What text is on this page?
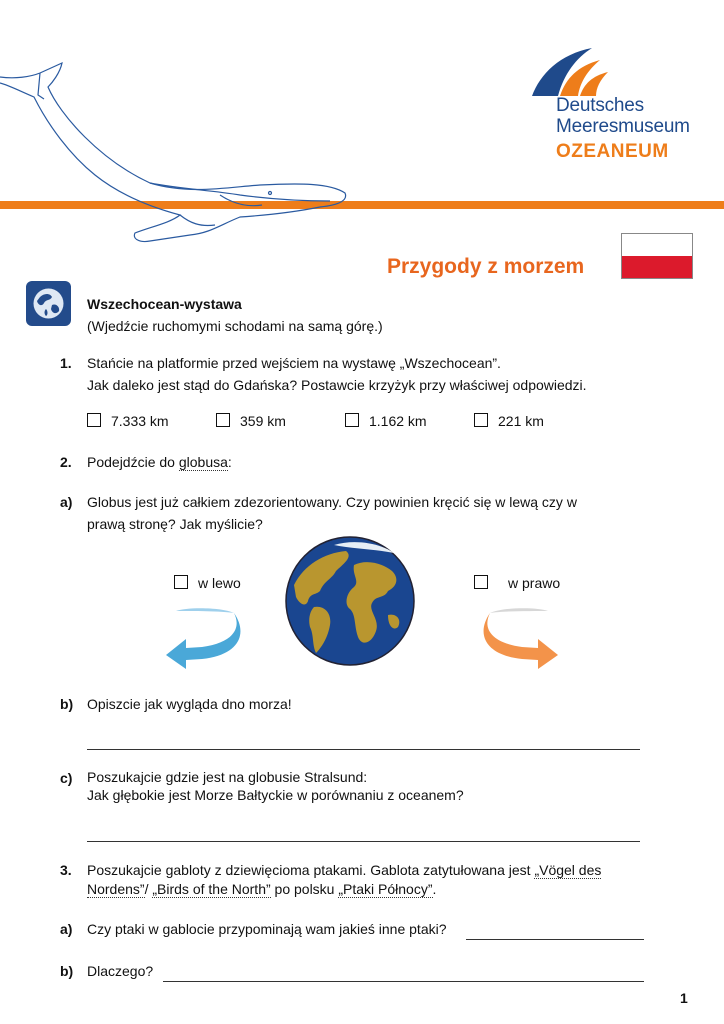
Deutsches
Meeresmuseum
OZEANEUM
Przygody z morzem
Wszechocean-wystawa
(Wjedźcie ruchomymi schodami na samą górę.)
1. Stańcie na platformie przed wejściem na wystawę „Wszechocean”.
Jak daleko jest stąd do Gdańska? Postawcie krzyżyk przy właściwej odpowiedzi.
7.333 km	359 km	1.162 km	221 km
2. Podejdźcie do globusa:
a) Globus jest już całkiem zdezorientowany. Czy powinien kręcić się w lewą czy w
prawą stronę? Jak myślicie?
w lewo	w prawo
b) Opiszcie jak wygląda dno morza!
c) Poszukajcie gdzie jest na globusie Stralsund:
Jak głębokie jest Morze Bałtyckie w porównaniu z oceanem?
3. Poszukajcie gabloty z dziewięcioma ptakami. Gablota zatytułowana jest „Vögel des
Nordens”/ „Birds of the North” po polsku „Ptaki Północy”.
a) Czy ptaki w gablocie przypominają wam jakieś inne ptaki?
b) Dlaczego?
1
